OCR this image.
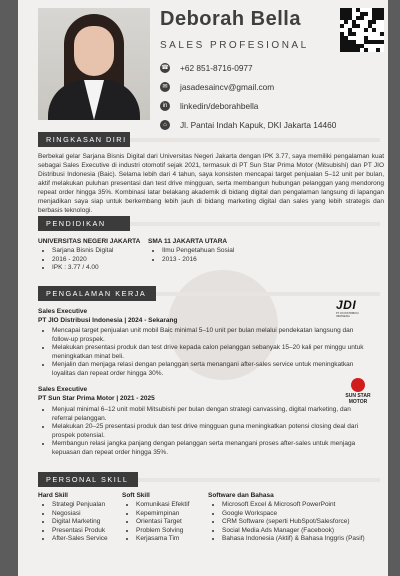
Deborah Bella
SALES PROFESIONAL
☎ +62 851-8716-0977
✉ jasadesaincv@gmail.com
in	linkedin/deborahbella
⌂	Jl. Pantai Indah Kapuk, DKI Jakarta 14460
RINGKASAN DIRI
Berbekal gelar Sarjana Bisnis Digital dari Universitas Negeri Jakarta dengan IPK 3.77, saya memiliki pengalaman kuat sebagai Sales Executive di industri otomotif sejak 2021, termasuk di PT Sun Star Prima Motor (Mitsubishi) dan PT JIO Distribusi Indonesia (Baic). Selama lebih dari 4 tahun, saya konsisten mencapai target penjualan 5–12 unit per bulan, aktif melakukan puluhan presentasi dan test drive mingguan, serta membangun hubungan pelanggan yang mendorong repeat order hingga 35%. Kombinasi latar belakang akademik di bidang digital dan pengalaman langsung di lapangan menjadikan saya siap untuk berkembang lebih jauh di bidang marketing digital dan sales yang lebih strategis dan berbasis teknologi.
PENDIDIKAN
UNIVERSITAS NEGERI JAKARTA
• Sarjana Bisnis Digital
• 2016 - 2020
• IPK : 3.77 / 4.00
SMA 11 JAKARTA UTARA
• Ilmu Pengetahuan Sosial
• 2013 - 2016
PENGALAMAN KERJA
JDI
PT JIO DISTRIBUSI INDONESIA
Sales Executive
PT JIO Distribusi Indonesia | 2024 - Sekarang
• Mencapai target penjualan unit mobil Baic minimal 5–10 unit per bulan melalui pendekatan langsung dan follow-up prospek.
• Melakukan presentasi produk dan test drive kepada calon pelanggan sebanyak 15–20 kali per minggu untuk meningkatkan minat beli.
• Menjalin dan menjaga relasi dengan pelanggan serta menangani after-sales service untuk meningkatkan loyalitas dan repeat order hingga 30%.
SUN STAR MOTOR
Sales Executive
PT Sun Star Prima Motor | 2021 - 2025
• Menjual minimal 6–12 unit mobil Mitsubishi per bulan dengan strategi canvassing, digital marketing, dan referral pelanggan.
• Melakukan 20–25 presentasi produk dan test drive mingguan guna meningkatkan potensi closing deal dari prospek potensial.
• Membangun relasi jangka panjang dengan pelanggan serta menangani proses after-sales untuk menjaga kepuasan dan repeat order hingga 35%.
PERSONAL SKILL
Hard Skill
• Strategi Penjualan
• Negosiasi
• Digital Marketing
• Presentasi Produk
• After-Sales Service
Soft Skill
• Komunikasi Efektif
• Kepemimpinan
• Orientasi Target
• Problem Solving
• Kerjasama Tim
Software dan Bahasa
• Microsoft Excel & Microsoft PowerPoint
• Google Workspace
• CRM Software (seperti HubSpot/Salesforce)
• Social Media Ads Manager (Facebook)
• Bahasa Indonesia (Aktif) & Bahasa Inggris (Pasif)
